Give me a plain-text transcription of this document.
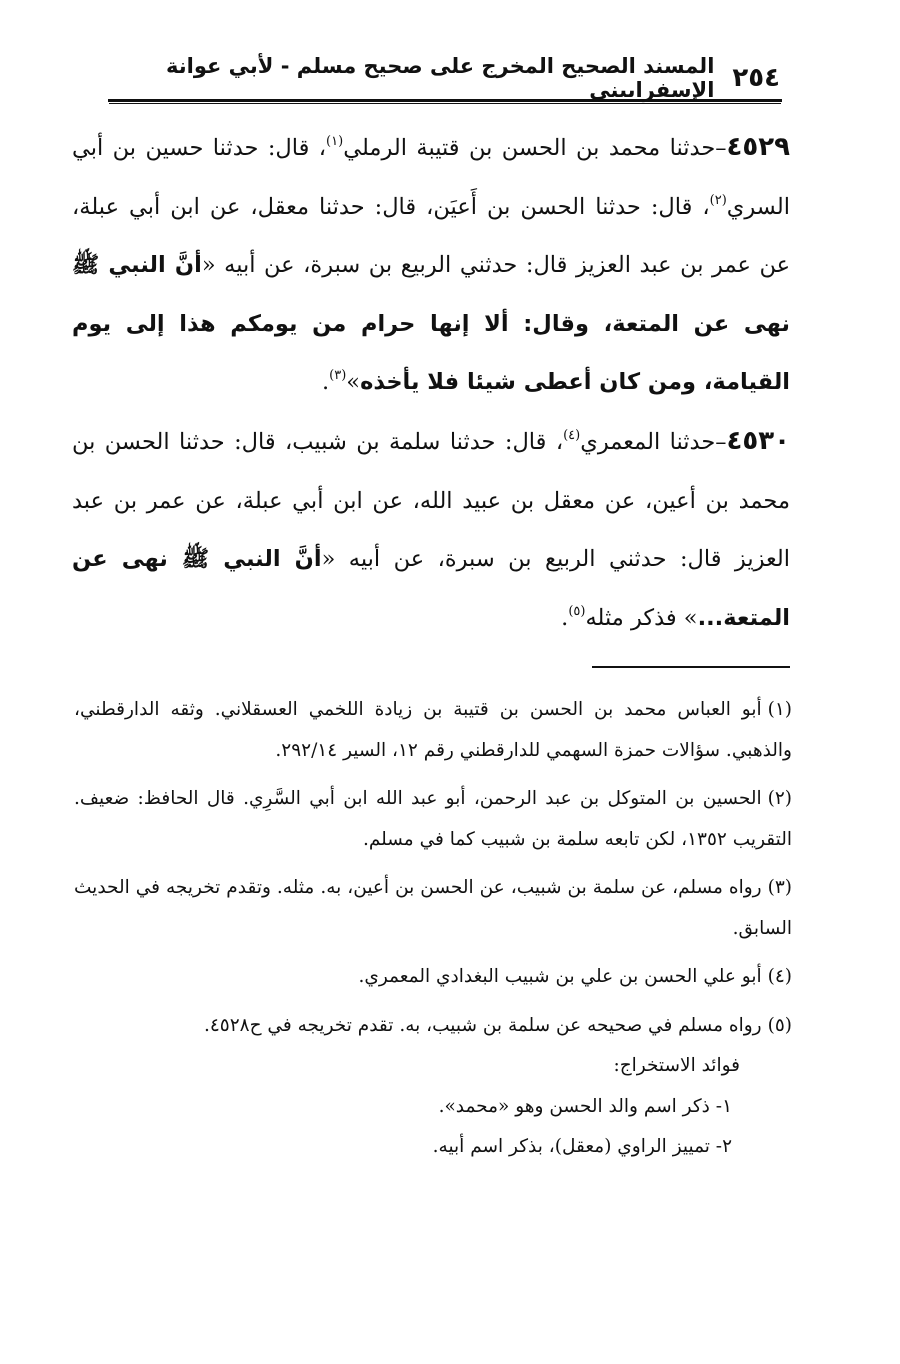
٢٥٤
المسند الصحيح المخرج على صحيح مسلم - لأبي عوانة الإسفراييني

٤٥٢٩–حدثنا محمد بن الحسن بن قتيبة الرملي$^{(١)}$، قال: حدثنا حسين بن أبي السري$^{(٢)}$، قال: حدثنا الحسن بن أَعيَن، قال: حدثنا معقل، عن ابن أبي عبلة، عن عمر بن عبد العزيز قال: حدثني الربيع بن سبرة، عن أبيه «أنَّ النبي ﷺ نهى عن المتعة، وقال: ألا إنها حرام من يومكم هذا إلى يوم القيامة، ومن كان أعطى شيئا فلا يأخذه»$^{(٣)}$.

٤٥٣٠–حدثنا المعمري$^{(٤)}$، قال: حدثنا سلمة بن شبيب، قال: حدثنا الحسن بن محمد بن أعين، عن معقل بن عبيد الله، عن ابن أبي عبلة، عن عمر بن عبد العزيز قال: حدثني الربيع بن سبرة، عن أبيه «أنَّ النبي ﷺ نهى عن المتعة...» فذكر مثله$^{(٥)}$.

(١)أبو العباس محمد بن الحسن بن قتيبة بن زيادة اللخمي العسقلاني. وثقه الدارقطني، والذهبي. سؤالات حمزة السهمي للدارقطني رقم ١٢، السير ٢٩٢/١٤.

(٢)الحسين بن المتوكل بن عبد الرحمن، أبو عبد الله ابن أبي السَّرِي. قال الحافظ: ضعيف. التقريب ١٣٥٢، لكن تابعه سلمة بن شبيب كما في مسلم.

(٣)رواه مسلم، عن سلمة بن شبيب، عن الحسن بن أعين، به. مثله. وتقدم تخريجه في الحديث السابق.

(٤)أبو علي الحسن بن علي بن شبيب البغدادي المعمري.

(٥)رواه مسلم في صحيحه عن سلمة بن شبيب، به. تقدم تخريجه في ح٤٥٢٨.

فوائد الاستخراج:
١- ذكر اسم والد الحسن وهو «محمد».
٢- تمييز الراوي (معقل)، بذكر اسم أبيه.
